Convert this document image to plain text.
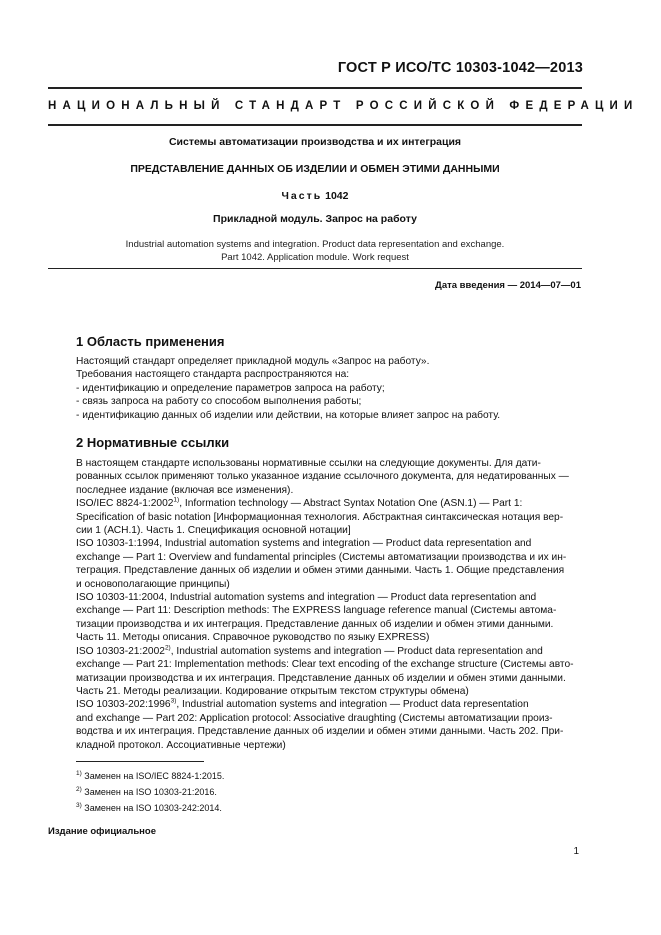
ГОСТ Р ИСО/ТС 10303-1042—2013
НАЦИОНАЛЬНЫЙ СТАНДАРТ РОССИЙСКОЙ ФЕДЕРАЦИИ
Системы автоматизации производства и их интеграция
ПРЕДСТАВЛЕНИЕ ДАННЫХ ОБ ИЗДЕЛИИ И ОБМЕН ЭТИМИ ДАННЫМИ
Часть 1042
Прикладной модуль. Запрос на работу
Industrial automation systems and integration. Product data representation and exchange.
Part 1042. Application module. Work request
Дата введения — 2014—07—01
1 Область применения

Настоящий стандарт определяет прикладной модуль «Запрос на работу».

Требования настоящего стандарта распространяются на:

- идентификацию и определение параметров запроса на работу;

- связь запроса на работу со способом выполнения работы;

- идентификацию данных об изделии или действии, на которые влияет запрос на работу.

2 Нормативные ссылки
В настоящем стандарте использованы нормативные ссылки на следующие документы. Для дати-
рованных ссылок применяют только указанное издание ссылочного документа, для недатированных —
последнее издание (включая все изменения).
ISO/IEC 8824-1:2002$^{1)}$, Information technology — Abstract Syntax Notation One (ASN.1) — Part 1:
Specification of basic notation [Информационная технология. Абстрактная синтаксическая нотация вер-
сии 1 (АСН.1). Часть 1. Спецификация основной нотации]
ISO 10303-1:1994, Industrial automation systems and integration — Product data representation and
exchange — Part 1: Overview and fundamental principles (Системы автоматизации производства и их ин-
теграция. Представление данных об изделии и обмен этими данными. Часть 1. Общие представления
и основополагающие принципы)
ISO 10303-11:2004, Industrial automation systems and integration — Product data representation and
exchange — Part 11: Description methods: The EXPRESS language reference manual (Системы автома-
тизации производства и их интеграция. Представление данных об изделии и обмен этими данными.
Часть 11. Методы описания. Справочное руководство по языку EXPRESS)
ISO 10303-21:2002$^{2)}$, Industrial automation systems and integration — Product data representation and
exchange — Part 21: Implementation methods: Clear text encoding of the exchange structure (Системы авто-
матизации производства и их интеграция. Представление данных об изделии и обмен этими данными.
Часть 21. Методы реализации. Кодирование открытым текстом структуры обмена)
ISO 10303-202:1996$^{3)}$, Industrial automation systems and integration — Product data representation
and exchange — Part 202: Application protocol: Associative draughting (Системы автоматизации произ-
водства и их интеграция. Представление данных об изделии и обмен этими данными. Часть 202. При-
кладной протокол. Ассоциативные чертежи)
$^{1)}$ Заменен на ISO/IEC 8824-1:2015.
$^{2)}$ Заменен на ISO 10303-21:2016.
$^{3)}$ Заменен на ISO 10303-242:2014.
Издание официальное
1
